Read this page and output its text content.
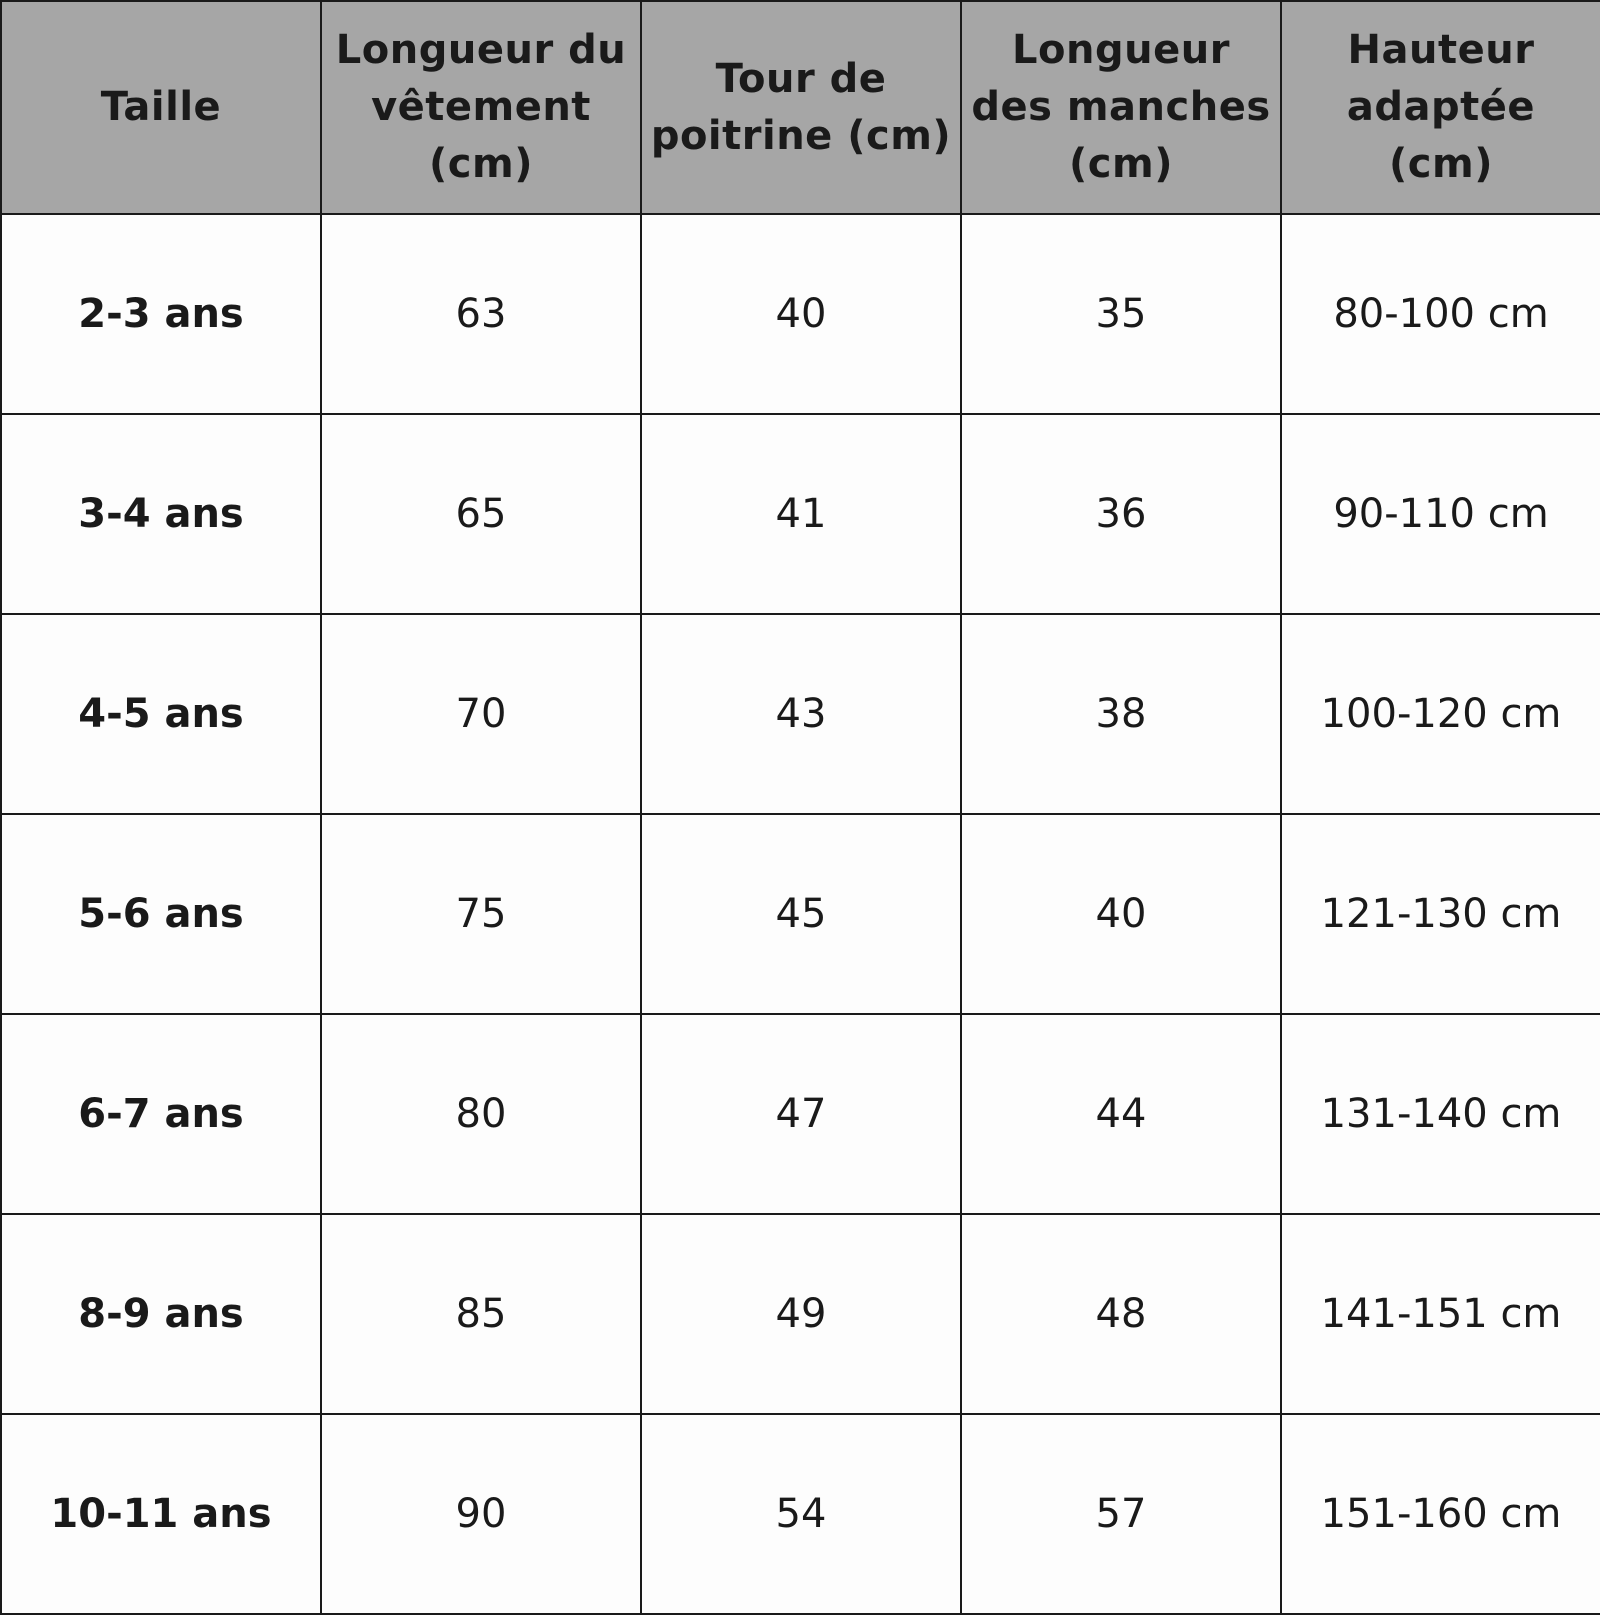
Taille	Longueur du vêtement (cm)	Tour de poitrine (cm)	Longueur des manches (cm)	Hauteur adaptée (cm)
2-3 ans	63	40	35	80-100 cm
3-4 ans	65	41	36	90-110 cm
4-5 ans	70	43	38	100-120 cm
5-6 ans	75	45	40	121-130 cm
6-7 ans	80	47	44	131-140 cm
8-9 ans	85	49	48	141-151 cm
10-11 ans	90	54	57	151-160 cm
